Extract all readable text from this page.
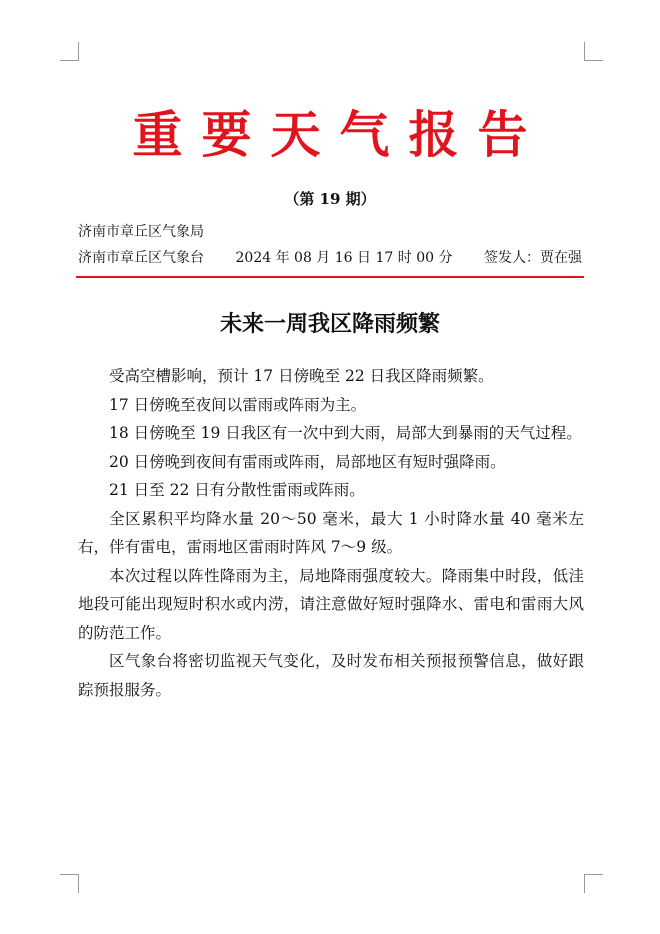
重要天气报告
（第 19 期）
济南市章丘区气象局
济南市章丘区气象台 2024 年 08 月 16 日 17 时 00 分 签发人：贾在强
未来一周我区降雨频繁

受高空槽影响，预计 17 日傍晚至 22 日我区降雨频繁。

17 日傍晚至夜间以雷雨或阵雨为主。

18 日傍晚至 19 日我区有一次中到大雨，局部大到暴雨的天气过程。

20 日傍晚到夜间有雷雨或阵雨，局部地区有短时强降雨。

21 日至 22 日有分散性雷雨或阵雨。

全区累积平均降水量 20～50 毫米，最大 1 小时降水量 40 毫米左右，伴有雷电，雷雨地区雷雨时阵风 7～9 级。

本次过程以阵性降雨为主，局地降雨强度较大。降雨集中时段，低洼地段可能出现短时积水或内涝，请注意做好短时强降水、雷电和雷雨大风的防范工作。

区气象台将密切监视天气变化，及时发布相关预报预警信息，做好跟踪预报服务。
